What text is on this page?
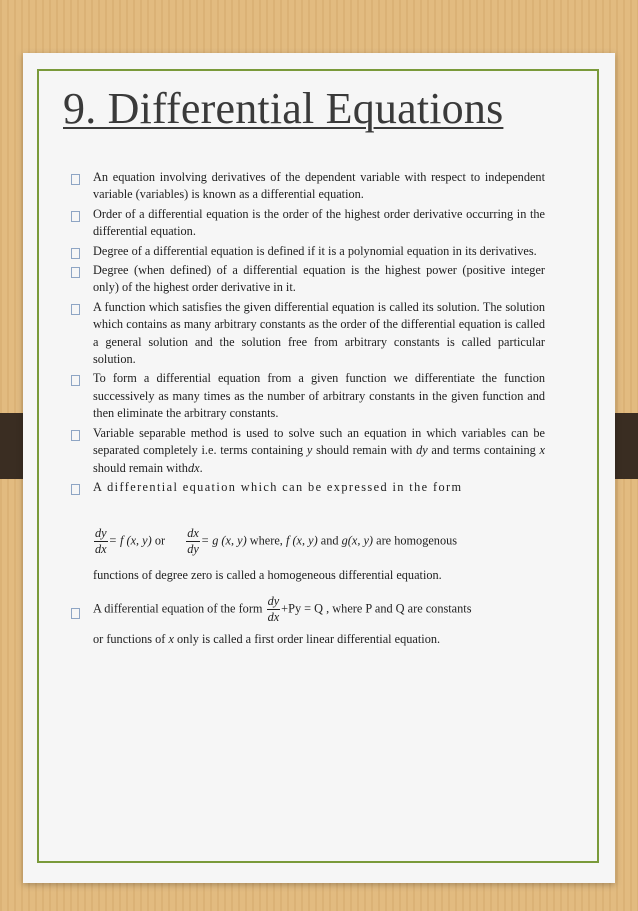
9. Differential Equations
An equation involving derivatives of the dependent variable with respect to independent variable (variables) is known as a differential equation.
Order of a differential equation is the order of the highest order derivative occurring in the differential equation.
Degree of a differential equation is defined if it is a polynomial equation in its derivatives.
Degree (when defined) of a differential equation is the highest power (positive integer only) of the highest order derivative in it.
A function which satisfies the given differential equation is called its solution. The solution which contains as many arbitrary constants as the order of the differential equation is called a general solution and the solution free from arbitrary constants is called particular solution.
To form a differential equation from a given function we differentiate the function successively as many times as the number of arbitrary constants in the given function and then eliminate the arbitrary constants.
Variable separable method is used to solve such an equation in which variables can be separated completely i.e. terms containing y should remain with dy and terms containing x should remain withdx.
A differential equation which can be expressed in the form
$\frac{dy}{dx} = f$ (x, y) or $\frac{dx}{dy} = g$ (x, y) where, f (x, y) and g(x, y) are homogenous
functions of degree zero is called a homogeneous differential equation.
A differential equation of the form $\frac{dy}{dx} +Py = Q$ , where P and Q are constants
or functions of x only is called a first order linear differential equation.
